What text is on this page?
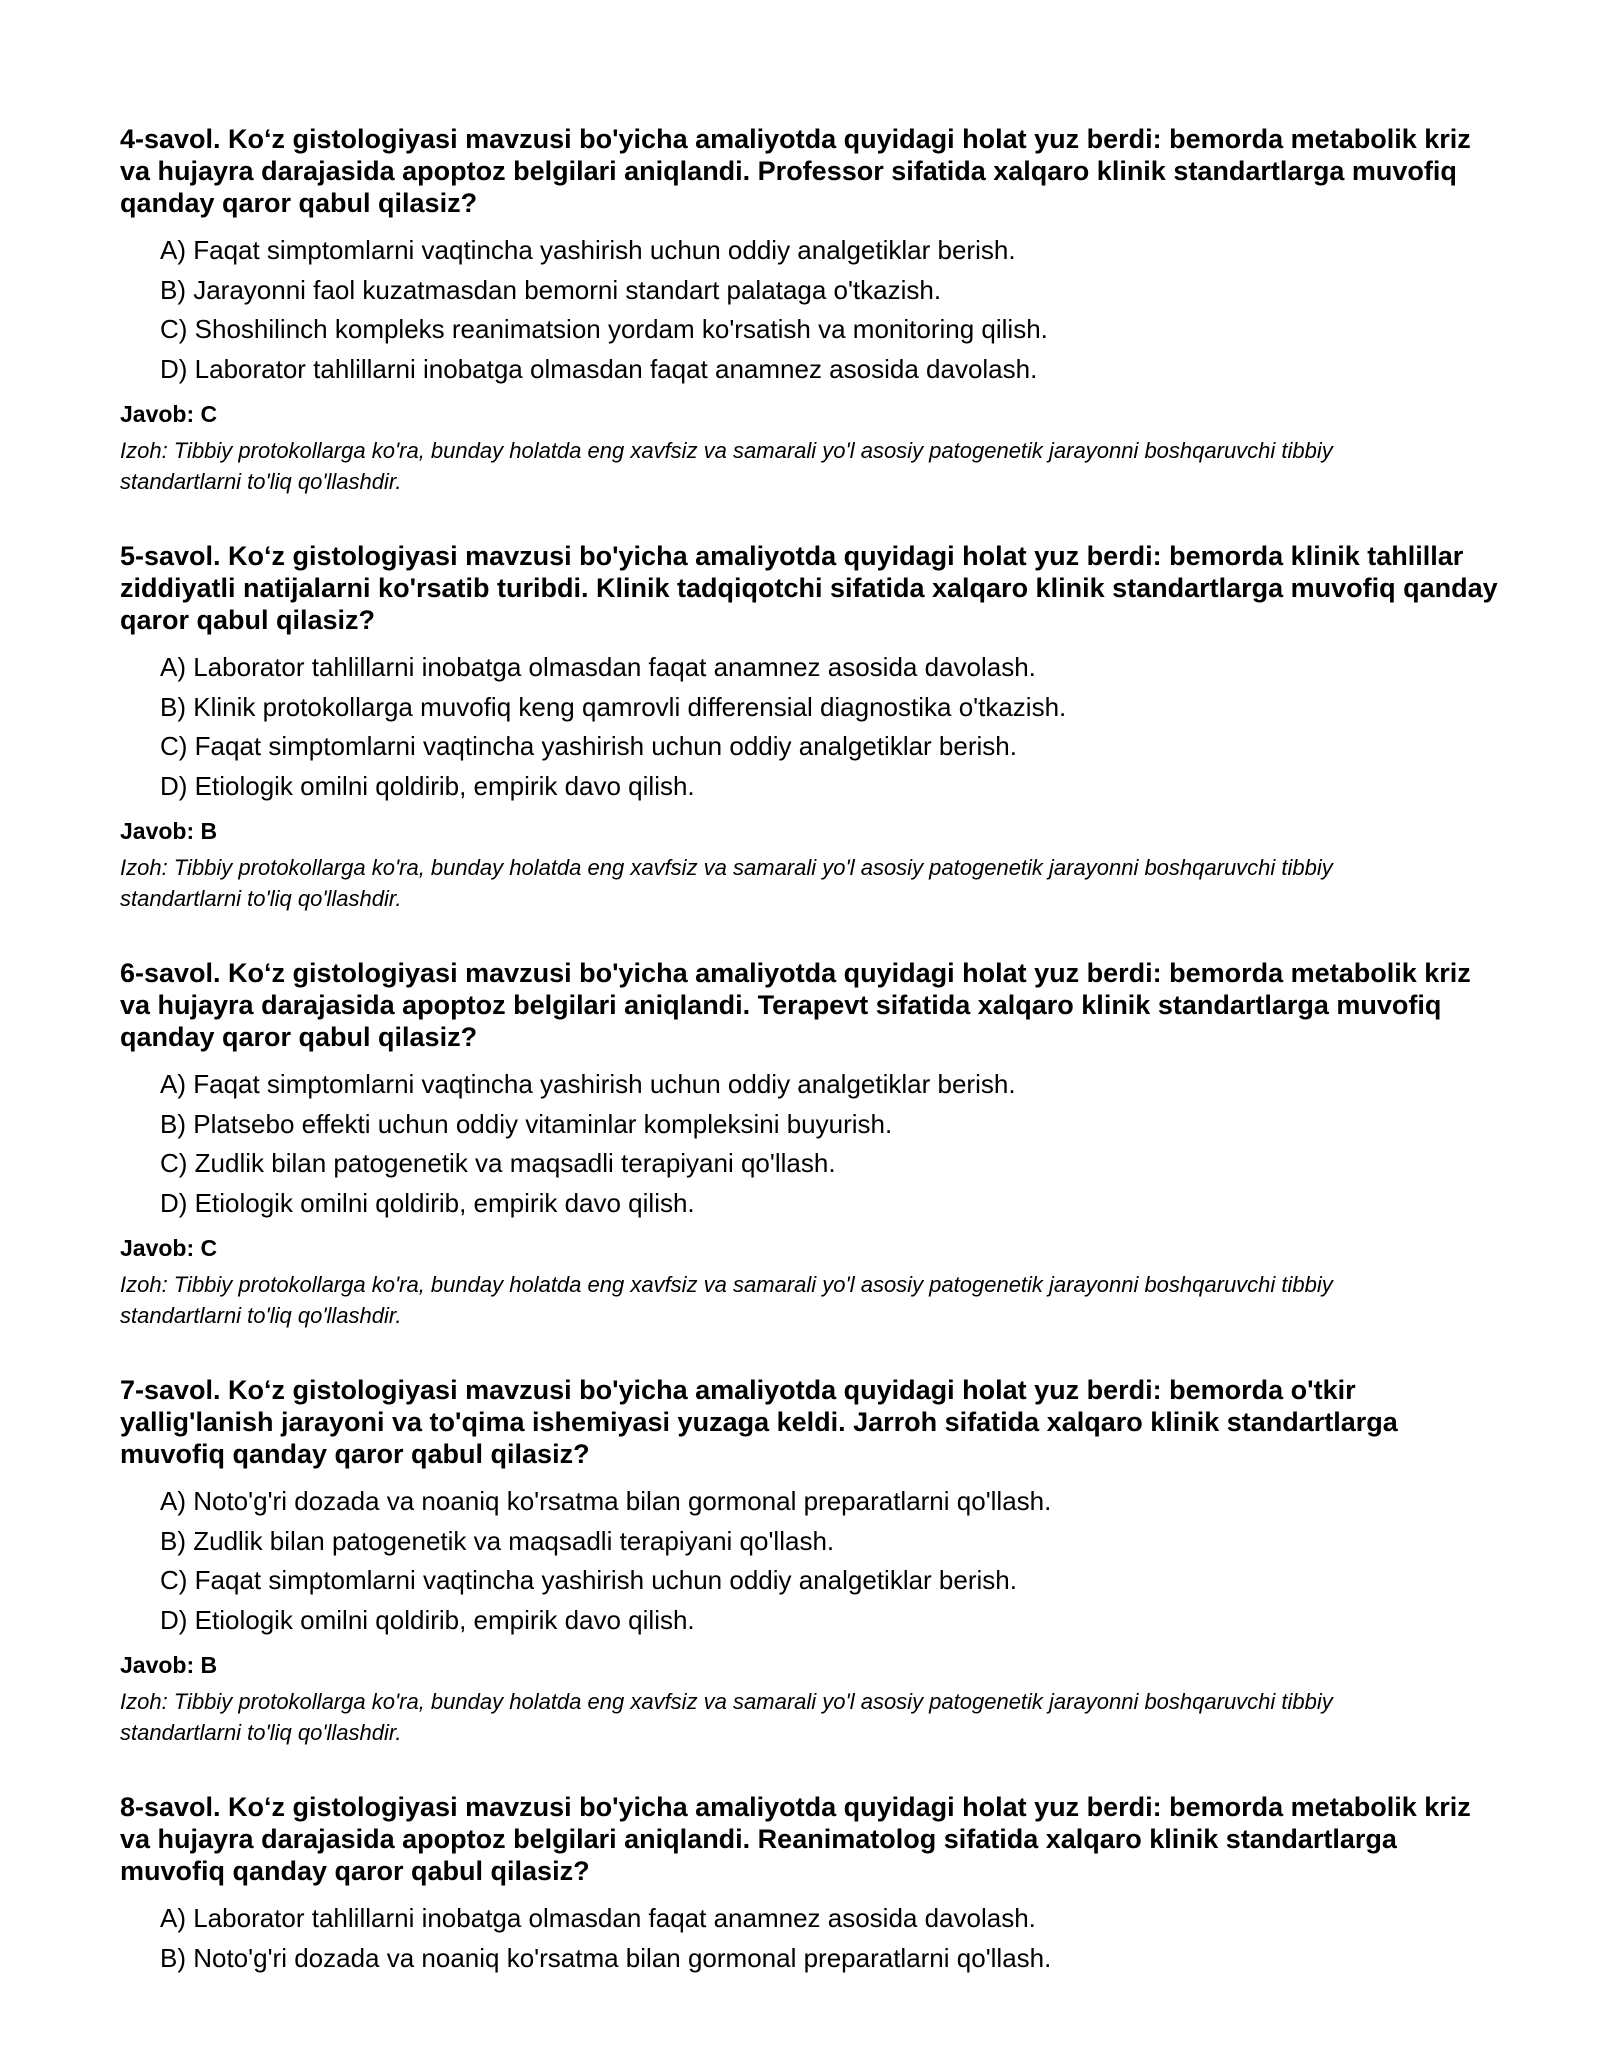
4-savol. Koʻz gistologiyasi mavzusi bo'yicha amaliyotda quyidagi holat yuz berdi: bemorda metabolik kriz va hujayra darajasida apoptoz belgilari aniqlandi. Professor sifatida xalqaro klinik standartlarga muvofiq qanday qaror qabul qilasiz?
A) Faqat simptomlarni vaqtincha yashirish uchun oddiy analgetiklar berish.
B) Jarayonni faol kuzatmasdan bemorni standart palataga o'tkazish.
C) Shoshilinch kompleks reanimatsion yordam ko'rsatish va monitoring qilish.
D) Laborator tahlillarni inobatga olmasdan faqat anamnez asosida davolash.
Javob: C
Izoh: Tibbiy protokollarga ko'ra, bunday holatda eng xavfsiz va samarali yo'l asosiy patogenetik jarayonni boshqaruvchi tibbiy standartlarni to'liq qo'llashdir.
5-savol. Koʻz gistologiyasi mavzusi bo'yicha amaliyotda quyidagi holat yuz berdi: bemorda klinik tahlillar ziddiyatli natijalarni ko'rsatib turibdi. Klinik tadqiqotchi sifatida xalqaro klinik standartlarga muvofiq qanday qaror qabul qilasiz?
A) Laborator tahlillarni inobatga olmasdan faqat anamnez asosida davolash.
B) Klinik protokollarga muvofiq keng qamrovli differensial diagnostika o'tkazish.
C) Faqat simptomlarni vaqtincha yashirish uchun oddiy analgetiklar berish.
D) Etiologik omilni qoldirib, empirik davo qilish.
Javob: B
Izoh: Tibbiy protokollarga ko'ra, bunday holatda eng xavfsiz va samarali yo'l asosiy patogenetik jarayonni boshqaruvchi tibbiy standartlarni to'liq qo'llashdir.
6-savol. Koʻz gistologiyasi mavzusi bo'yicha amaliyotda quyidagi holat yuz berdi: bemorda metabolik kriz va hujayra darajasida apoptoz belgilari aniqlandi. Terapevt sifatida xalqaro klinik standartlarga muvofiq qanday qaror qabul qilasiz?
A) Faqat simptomlarni vaqtincha yashirish uchun oddiy analgetiklar berish.
B) Platsebo effekti uchun oddiy vitaminlar kompleksini buyurish.
C) Zudlik bilan patogenetik va maqsadli terapiyani qo'llash.
D) Etiologik omilni qoldirib, empirik davo qilish.
Javob: C
Izoh: Tibbiy protokollarga ko'ra, bunday holatda eng xavfsiz va samarali yo'l asosiy patogenetik jarayonni boshqaruvchi tibbiy standartlarni to'liq qo'llashdir.
7-savol. Koʻz gistologiyasi mavzusi bo'yicha amaliyotda quyidagi holat yuz berdi: bemorda o'tkir yallig'lanish jarayoni va to'qima ishemiyasi yuzaga keldi. Jarroh sifatida xalqaro klinik standartlarga muvofiq qanday qaror qabul qilasiz?
A) Noto'g'ri dozada va noaniq ko'rsatma bilan gormonal preparatlarni qo'llash.
B) Zudlik bilan patogenetik va maqsadli terapiyani qo'llash.
C) Faqat simptomlarni vaqtincha yashirish uchun oddiy analgetiklar berish.
D) Etiologik omilni qoldirib, empirik davo qilish.
Javob: B
Izoh: Tibbiy protokollarga ko'ra, bunday holatda eng xavfsiz va samarali yo'l asosiy patogenetik jarayonni boshqaruvchi tibbiy standartlarni to'liq qo'llashdir.
8-savol. Koʻz gistologiyasi mavzusi bo'yicha amaliyotda quyidagi holat yuz berdi: bemorda metabolik kriz va hujayra darajasida apoptoz belgilari aniqlandi. Reanimatolog sifatida xalqaro klinik standartlarga muvofiq qanday qaror qabul qilasiz?
A) Laborator tahlillarni inobatga olmasdan faqat anamnez asosida davolash.
B) Noto'g'ri dozada va noaniq ko'rsatma bilan gormonal preparatlarni qo'llash.
